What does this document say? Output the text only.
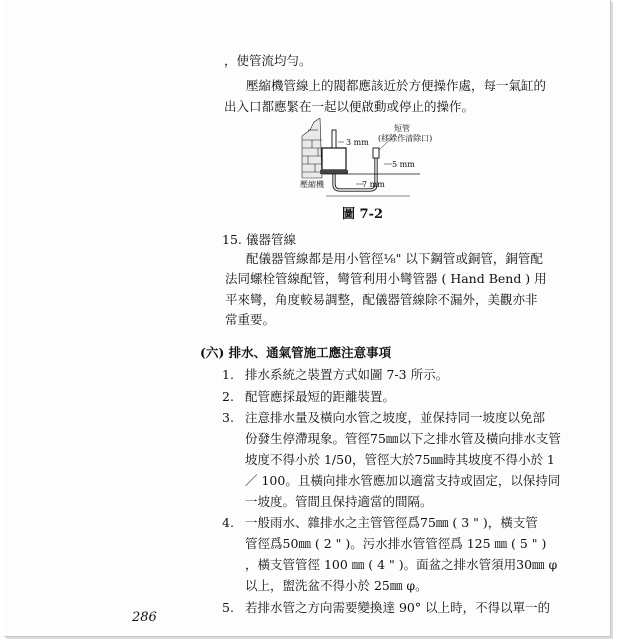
，使管流均勻。
壓縮機管線上的閥都應該近於方便操作處，每一氣缸的
出入口都應緊在一起以便啟動或停止的操作。
短管
(移除作清除口)
3 mm
5 mm
7 mm
壓縮機
圖 7-2
15. 儀器管線
配儀器管線都是用小管徑⅛" 以下鋼管或銅管，銅管配
法同螺栓管線配管，彎管利用小彎管器 ( Hand Bend ) 用
平來彎，角度較易調整，配儀器管線除不漏外，美觀亦非
常重要。
(六) 排水、通氣管施工應注意事項
1. 排水系統之裝置方式如圖 7-3 所示。
2. 配管應採最短的距離裝置。
3. 注意排水量及橫向水管之坡度，並保持同一坡度以免部
份發生停滯現象。管徑75㎜以下之排水管及橫向排水支管
坡度不得小於 1/50，管徑大於75㎜時其坡度不得小於 1
／ 100。且橫向排水管應加以適當支持或固定，以保持同
一坡度。管間且保持適當的間隔。
4. 一般雨水、雜排水之主管管徑爲75㎜ ( 3 " )，橫支管
管徑爲50㎜ ( 2 " )。污水排水管管徑爲 125 ㎜ ( 5 " )
，橫支管管徑 100 ㎜ ( 4 " )。面盆之排水管須用30㎜ φ
以上，盥洗盆不得小於 25㎜ φ。
5. 若排水管之方向需要變換達 90° 以上時，不得以單一的
286
